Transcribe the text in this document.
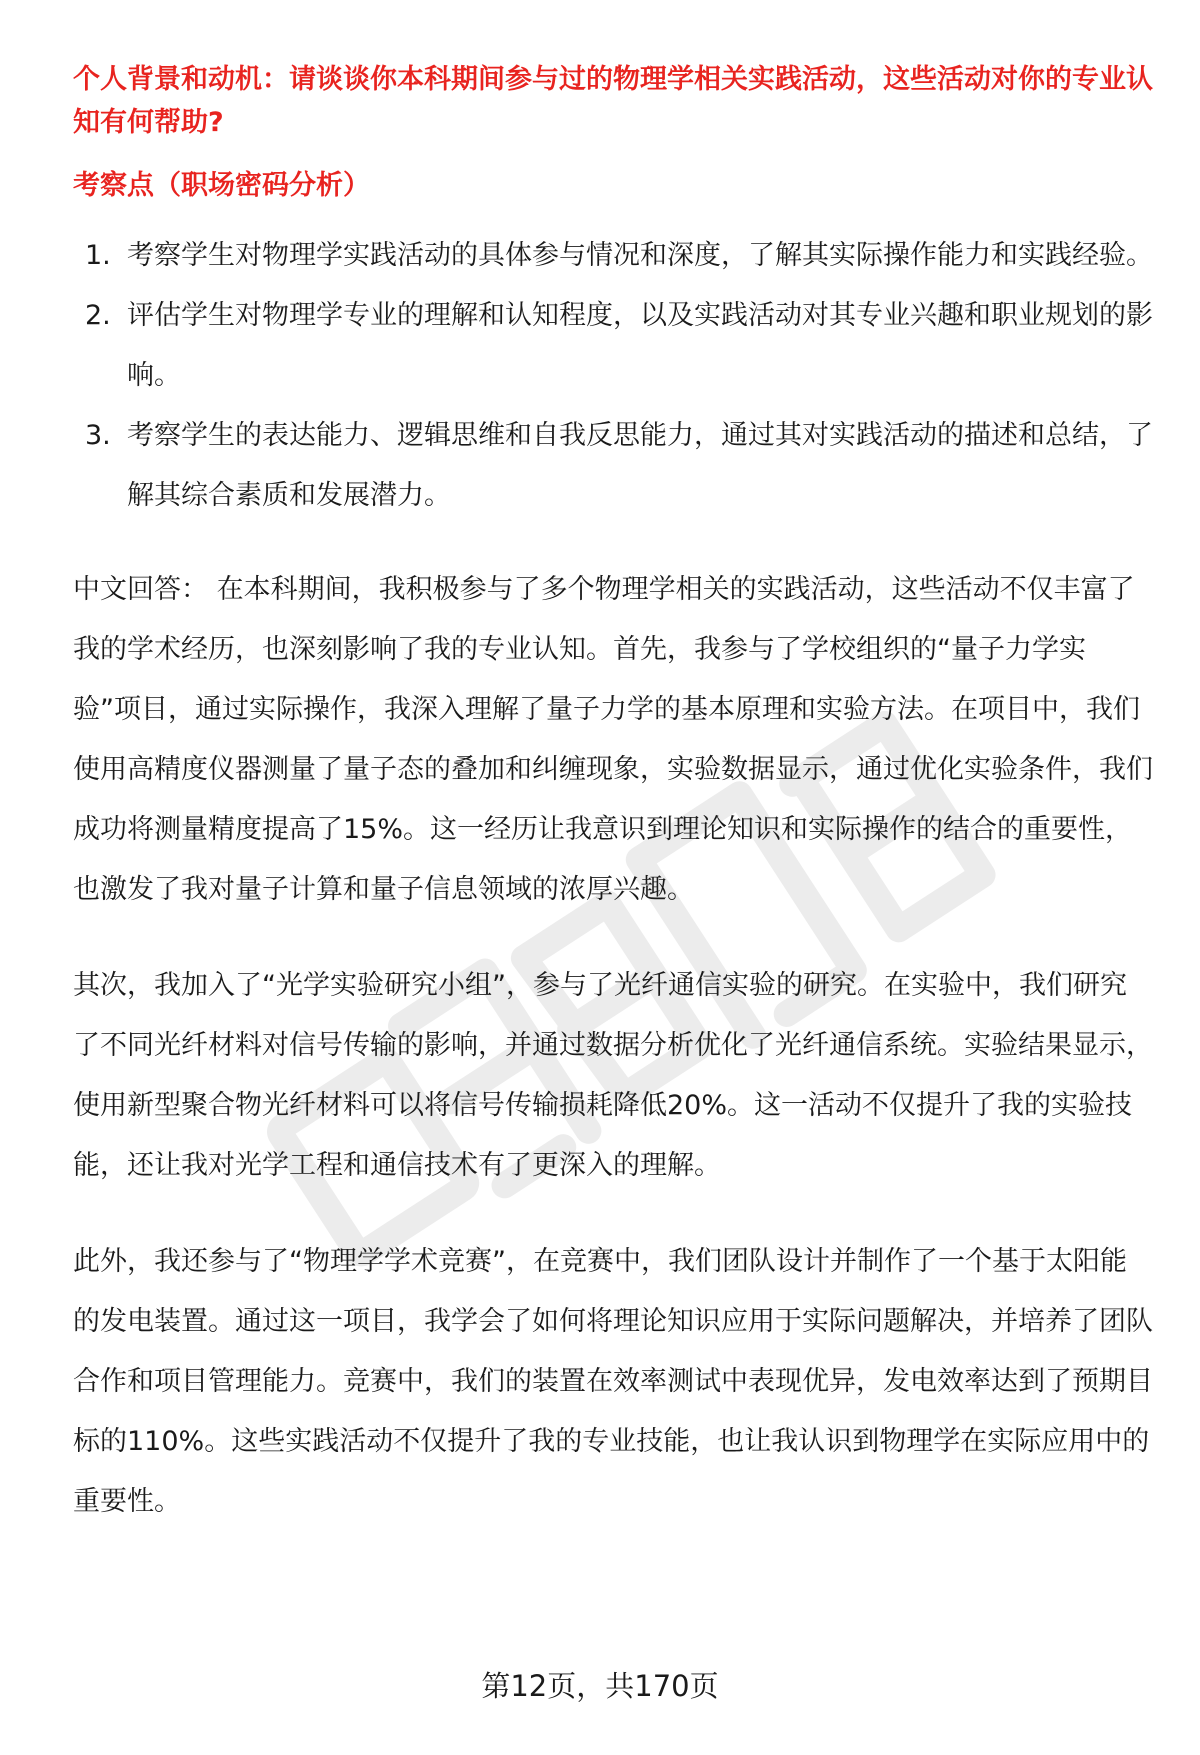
个人背景和动机：请谈谈你本科期间参与过的物理学相关实践活动，这些活动对你的专业认知有何帮助?
考察点（职场密码分析）
1. 考察学生对物理学实践活动的具体参与情况和深度，了解其实际操作能力和实践经验。
2. 评估学生对物理学专业的理解和认知程度，以及实践活动对其专业兴趣和职业规划的影响。
3. 考察学生的表达能力、逻辑思维和自我反思能力，通过其对实践活动的描述和总结，了解其综合素质和发展潜力。

中文回答： 在本科期间，我积极参与了多个物理学相关的实践活动，这些活动不仅丰富了我的学术经历，也深刻影响了我的专业认知。首先，我参与了学校组织的“量子力学实验”项目，通过实际操作，我深入理解了量子力学的基本原理和实验方法。在项目中，我们使用高精度仪器测量了量子态的叠加和纠缠现象，实验数据显示，通过优化实验条件，我们成功将测量精度提高了15%。这一经历让我意识到理论知识和实际操作的结合的重要性，也激发了我对量子计算和量子信息领域的浓厚兴趣。

其次，我加入了“光学实验研究小组”，参与了光纤通信实验的研究。在实验中，我们研究了不同光纤材料对信号传输的影响，并通过数据分析优化了光纤通信系统。实验结果显示，使用新型聚合物光纤材料可以将信号传输损耗降低20%。这一活动不仅提升了我的实验技能，还让我对光学工程和通信技术有了更深入的理解。

此外，我还参与了“物理学学术竞赛”，在竞赛中，我们团队设计并制作了一个基于太阳能的发电装置。通过这一项目，我学会了如何将理论知识应用于实际问题解决，并培养了团队合作和项目管理能力。竞赛中，我们的装置在效率测试中表现优异，发电效率达到了预期目标的110%。这些实践活动不仅提升了我的专业技能，也让我认识到物理学在实际应用中的重要性。

第12页，共170页
